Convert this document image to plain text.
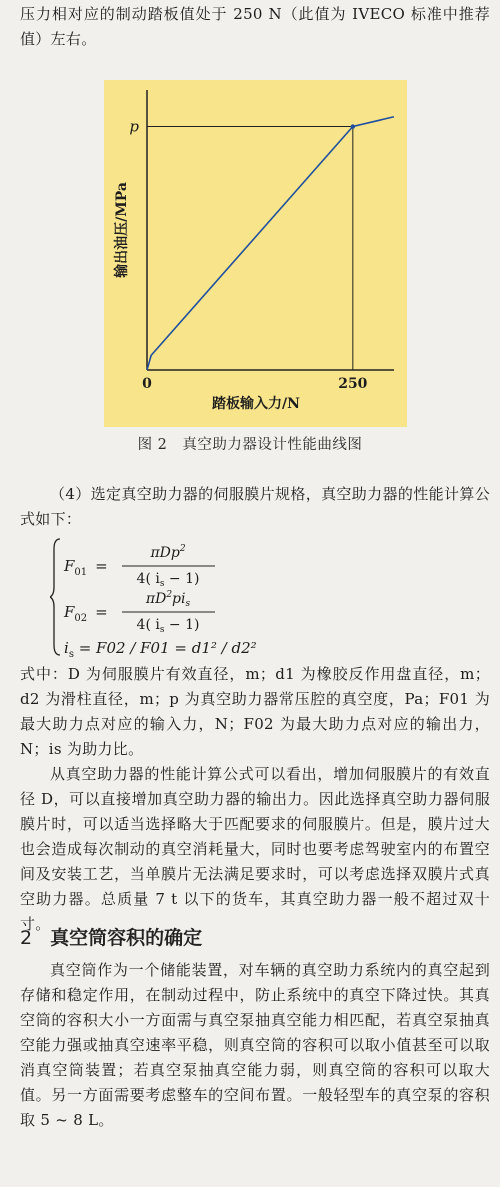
压力相对应的制动踏板值处于 250 N（此值为 IVECO 标准中推荐值）左右。

p
0	250
踏板输入力/N
输出油压/MPa
图 2　真空助力器设计性能曲线图

（4）选定真空助力器的伺服膜片规格，真空助力器的性能计算公式如下：

$F_{01}$ =
πDp$^2$
4( $i_s - 1$)
$F_{02}$ =
$\pi D^2pi_s$
4( $i_s - 1$)
$i_s = F02 / F01 = d1^2 / d2^2$

式中：D 为伺服膜片有效直径，m；d1 为橡胶反作用盘直径，m；d2 为滑柱直径，m；p 为真空助力器常压腔的真空度，Pa；F01 为最大助力点对应的输入力，N；F02 为最大助力点对应的输出力，N；is 为助力比。

从真空助力器的性能计算公式可以看出，增加伺服膜片的有效直径 D，可以直接增加真空助力器的输出力。因此选择真空助力器伺服膜片时，可以适当选择略大于匹配要求的伺服膜片。但是，膜片过大也会造成每次制动的真空消耗量大，同时也要考虑驾驶室内的布置空间及安装工艺，当单膜片无法满足要求时，可以考虑选择双膜片式真空助力器。总质量 7 t 以下的货车，其真空助力器一般不超过双十寸。

2 真空筒容积的确定

真空筒作为一个储能装置，对车辆的真空助力系统内的真空起到存储和稳定作用，在制动过程中，防止系统中的真空下降过快。其真空筒的容积大小一方面需与真空泵抽真空能力相匹配，若真空泵抽真空能力强或抽真空速率平稳，则真空筒的容积可以取小值甚至可以取消真空筒装置；若真空泵抽真空能力弱，则真空筒的容积可以取大值。另一方面需要考虑整车的空间布置。一般轻型车的真空泵的容积取 5 ~ 8 L。
